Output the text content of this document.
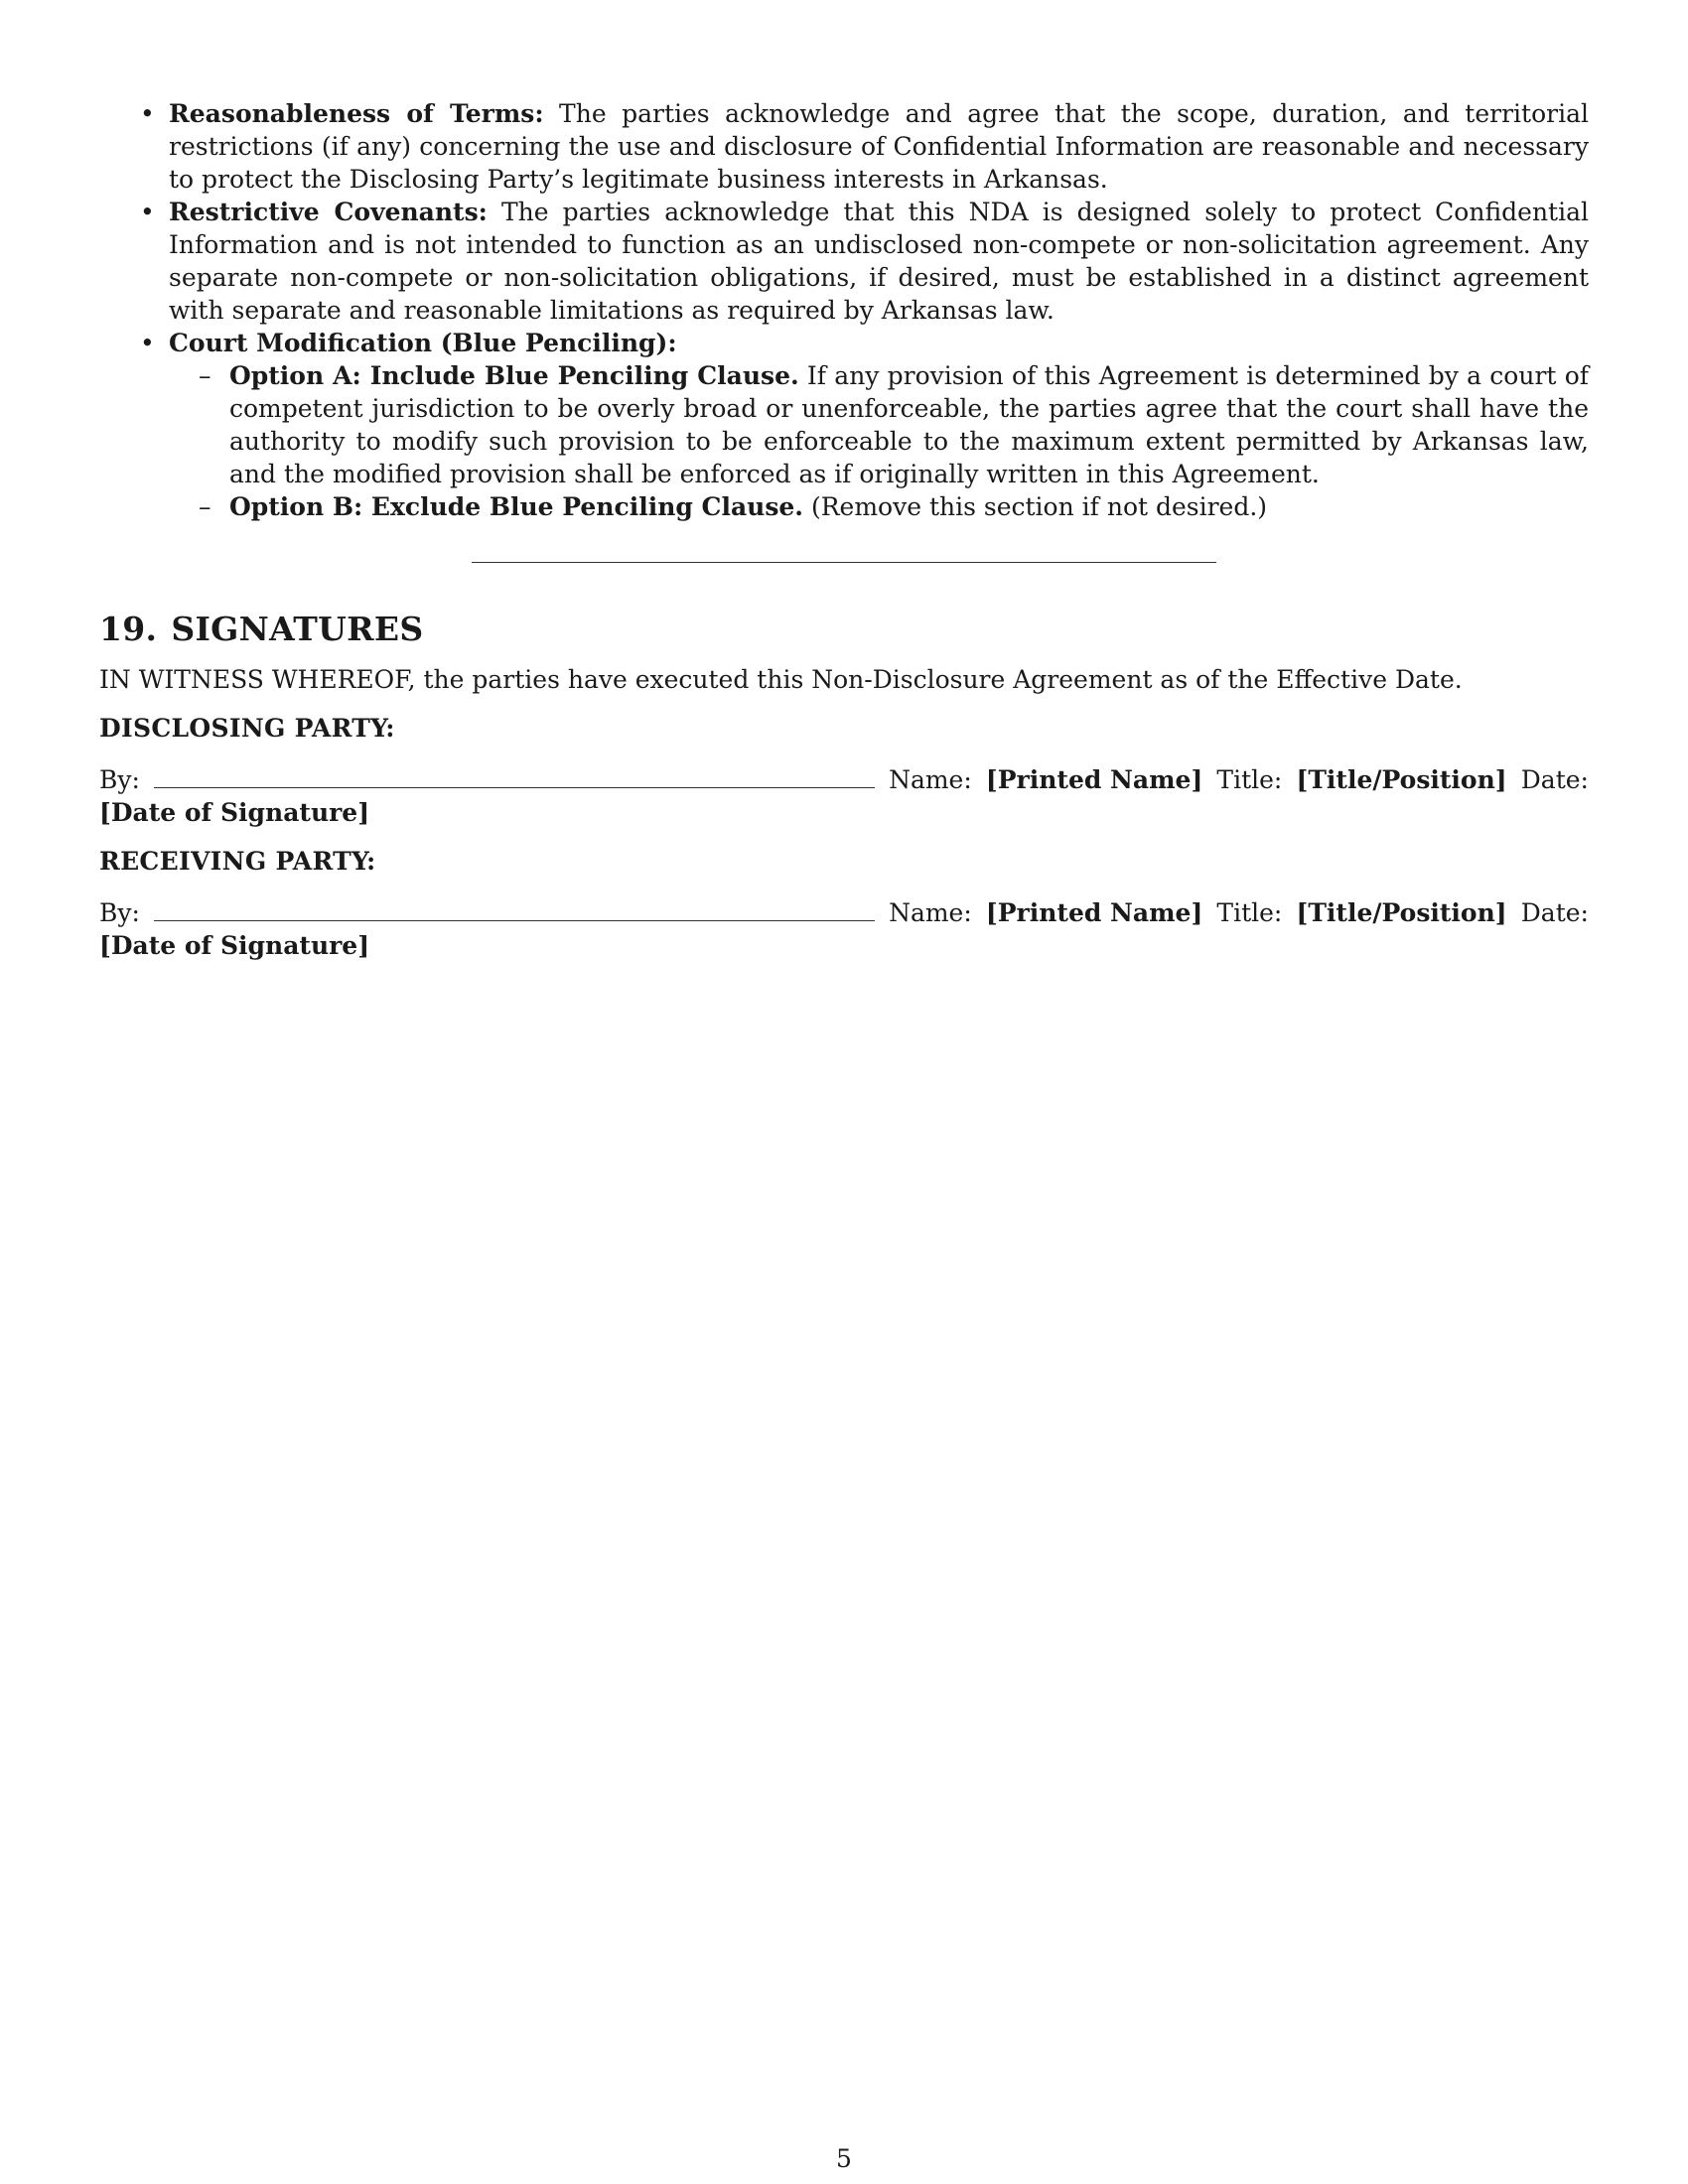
• Reasonableness of Terms: The parties acknowledge and agree that the scope, duration, and territorial restrictions (if any) concerning the use and disclosure of Confidential Information are reasonable and necessary to protect the Disclosing Party’s legitimate business interests in Arkansas.
• Restrictive Covenants: The parties acknowledge that this NDA is designed solely to protect Confidential Information and is not intended to function as an undisclosed non-compete or non-solicitation agreement. Any separate non-compete or non-solicitation obligations, if desired, must be established in a distinct agreement with separate and reasonable limitations as required by Arkansas law.
• Court Modification (Blue Penciling):
– Option A: Include Blue Penciling Clause. If any provision of this Agreement is determined by a court of competent jurisdiction to be overly broad or unenforceable, the parties agree that the court shall have the authority to modify such provision to be enforceable to the maximum extent permitted by Arkansas law, and the modified provision shall be enforced as if originally written in this Agreement.
– Option B: Exclude Blue Penciling Clause. (Remove this section if not desired.)
19. SIGNATURES

IN WITNESS WHEREOF, the parties have executed this Non-Disclosure Agreement as of the Effective Date.

DISCLOSING PARTY:
By:	Name: [Printed Name] Title: [Title/Position] Date:
[Date of Signature]
RECEIVING PARTY:
By:	Name: [Printed Name] Title: [Title/Position] Date:
[Date of Signature]
5
